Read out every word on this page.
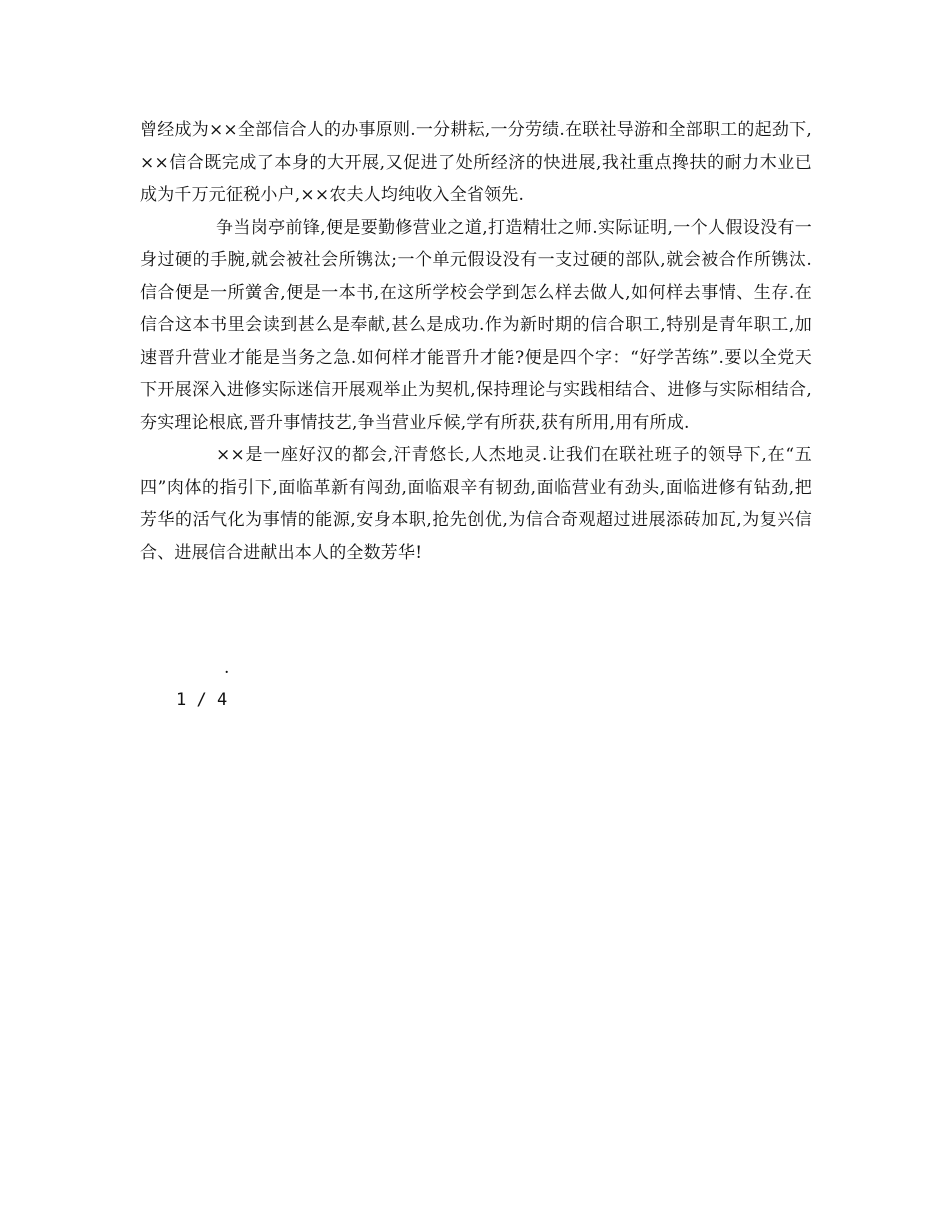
曾经成为××全部信合人的办事原则.一分耕耘,一分劳绩.在联社导游和全部职工的起劲下,××信合既完成了本身的大开展,又促进了处所经济的快进展,我社重点搀扶的耐力木业已成为千万元征税小户,××农夫人均纯收入全省领先.

争当岗亭前锋,便是要勤修营业之道,打造精壮之师.实际证明,一个人假设没有一身过硬的手腕,就会被社会所镌汰;一个单元假设没有一支过硬的部队,就会被合作所镌汰.信合便是一所黉舍,便是一本书,在这所学校会学到怎么样去做人,如何样去事情、生存.在信合这本书里会读到甚么是奉献,甚么是成功.作为新时期的信合职工,特别是青年职工,加速晋升营业才能是当务之急.如何样才能晋升才能?便是四个字：“好学苦练”.要以全党天下开展深入进修实际迷信开展观举止为契机,保持理论与实践相结合、进修与实际相结合,夯实理论根底,晋升事情技艺,争当营业斥候,学有所获,获有所用,用有所成.

××是一座好汉的都会,汗青悠长,人杰地灵.让我们在联社班子的领导下,在“五四”肉体的指引下,面临革新有闯劲,面临艰辛有韧劲,面临营业有劲头,面临进修有钻劲,把芳华的活气化为事情的能源,安身本职,抢先创优,为信合奇观超过进展添砖加瓦,为复兴信合、进展信合进献出本人的全数芳华!

.
1 / 4
